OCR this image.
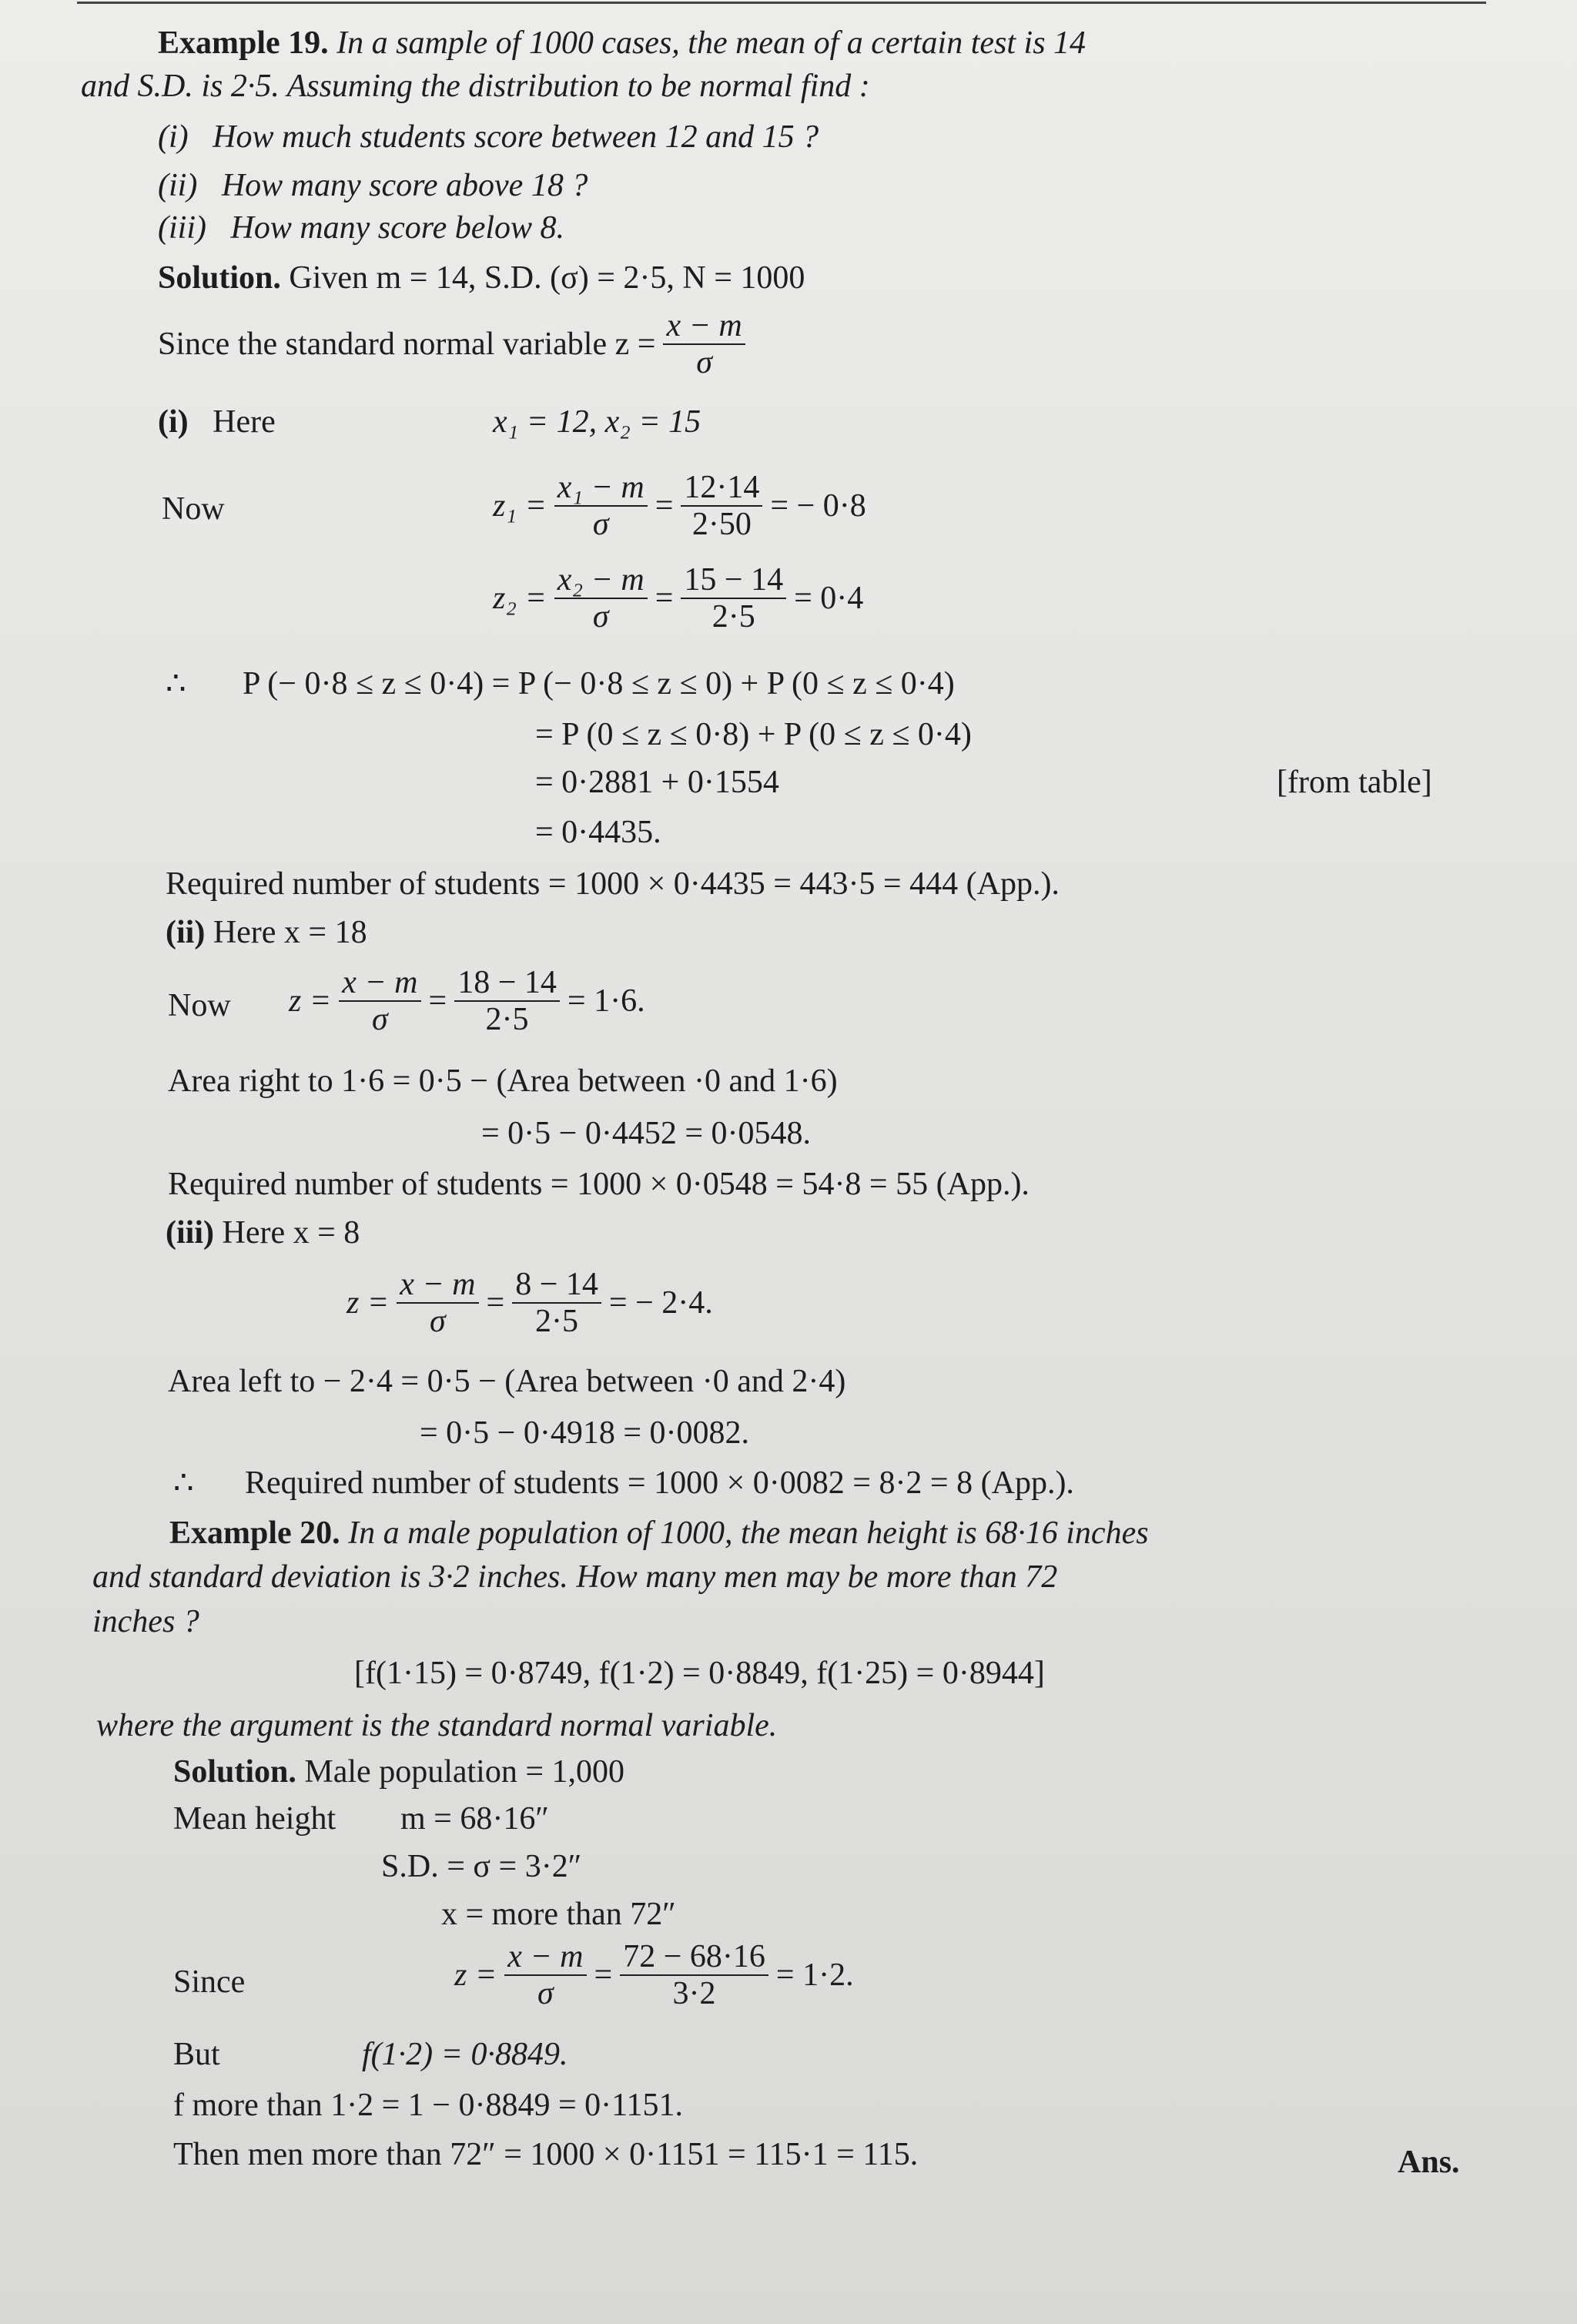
Example 19. In a sample of 1000 cases, the mean of a certain test is 14
and S.D. is 2·5. Assuming the distribution to be normal find :
(i) How much students score between 12 and 15 ?
(ii) How many score above 18 ?
(iii) How many score below 8.
Solution. Given m = 14, S.D. (σ) = 2·5, N = 1000
Since the standard normal variable $z = \frac{x - m}{\sigma}$
(i) Here	x₁ = 12, x₂ = 15
Now	$z_1 = \frac{\text{x₁ − m}}{\sigma} = \frac{12\cdot 14}{2\cdot 50}$ = − 0·8
$z_2 = \frac{\text{x₂ − m}}{\sigma} = \frac{15 - 14}{2\cdot 5} = 0\cdot 4$
∴ P (− 0·8 ≤ z ≤ 0·4) = P (− 0·8 ≤ z ≤ 0) + P (0 ≤ z ≤ 0·4)
= P (0 ≤ z ≤ 0·8) + P (0 ≤ z ≤ 0·4)
= 0·2881 + 0·1554	[from table]
= 0·4435.
Required number of students = 1000 × 0·4435 = 443·5 = 444 (App.).
(ii) Here x = 18
Now $z = \frac{x - m}{\sigma} = \frac{18 - 14}{2\cdot 5} = 1\cdot 6$.
Area right to 1·6 = 0·5 − (Area between ·0 and 1·6)
= 0·5 − 0·4452 = 0·0548.
Required number of students = 1000 × 0·0548 = 54·8 = 55 (App.).
(iii) Here x = 8
$z = \frac{x - m}{\sigma} = \frac{8 - 14}{2\cdot 5}$ = − 2·4.
Area left to − 2·4 = 0·5 − (Area between ·0 and 2·4)
= 0·5 − 0·4918 = 0·0082.
∴ Required number of students = 1000 × 0·0082 = 8·2 = 8 (App.).
Example 20. In a male population of 1000, the mean height is 68·16 inches
and standard deviation is 3·2 inches. How many men may be more than 72
inches ?
[f(1·15) = 0·8749, f(1·2) = 0·8849, f(1·25) = 0·8944]
where the argument is the standard normal variable.
Solution. Male population = 1,000
Mean height m = 68·16″
S.D. = σ = 3·2″
x = more than 72″
Since	$z = \frac{x - m}{\sigma} = \frac{72 - 68\cdot 16}{3\cdot 2} = 1\cdot 2$.
But	f(1·2) = 0·8849.
f more than 1·2 = 1 − 0·8849 = 0·1151.
Then men more than 72″ = 1000 × 0·1151 = 115·1 = 115.	Ans.
